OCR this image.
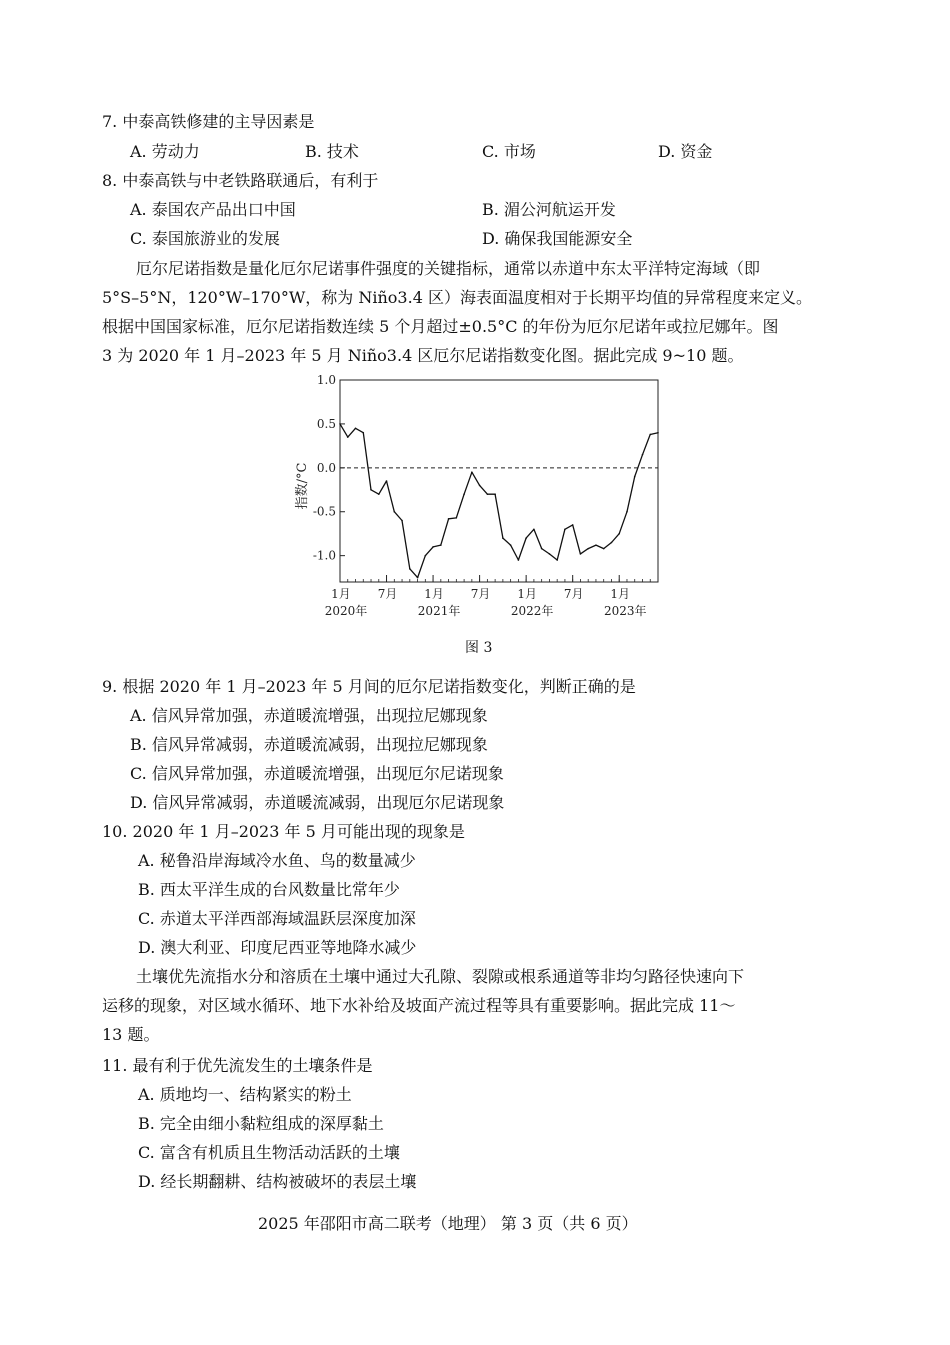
7. 中泰高铁修建的主导因素是
A. 劳动力	B. 技术	C. 市场	D. 资金
8. 中泰高铁与中老铁路联通后，有利于
A. 泰国农产品出口中国	B. 湄公河航运开发
C. 泰国旅游业的发展	D. 确保我国能源安全
厄尔尼诺指数是量化厄尔尼诺事件强度的关键指标，通常以赤道中东太平洋特定海域（即
5°S–5°N，120°W–170°W，称为 Niño3.4 区）海表面温度相对于长期平均值的异常程度来定义。
根据中国国家标准，厄尔尼诺指数连续 5 个月超过±0.5°C 的年份为厄尔尼诺年或拉尼娜年。图
3 为 2020 年 1 月–2023 年 5 月 Niño3.4 区厄尔尼诺指数变化图。据此完成 9~10 题。
1.0
0.5
0.0
-0.5
-1.0
1月
2020年
7月 1月
2021年
7月 1月
2022年
7月 1月
2023年
指数/°C
图 3
9. 根据 2020 年 1 月–2023 年 5 月间的厄尔尼诺指数变化，判断正确的是
A. 信风异常加强，赤道暖流增强，出现拉尼娜现象
B. 信风异常减弱，赤道暖流减弱，出现拉尼娜现象
C. 信风异常加强，赤道暖流增强，出现厄尔尼诺现象
D. 信风异常减弱，赤道暖流减弱，出现厄尔尼诺现象
10. 2020 年 1 月–2023 年 5 月可能出现的现象是
A. 秘鲁沿岸海域冷水鱼、鸟的数量减少
B. 西太平洋生成的台风数量比常年少
C. 赤道太平洋西部海域温跃层深度加深
D. 澳大利亚、印度尼西亚等地降水减少
土壤优先流指水分和溶质在土壤中通过大孔隙、裂隙或根系通道等非均匀路径快速向下
运移的现象，对区域水循环、地下水补给及坡面产流过程等具有重要影响。据此完成 11～
13 题。
11. 最有利于优先流发生的土壤条件是
A. 质地均一、结构紧实的粉土
B. 完全由细小黏粒组成的深厚黏土
C. 富含有机质且生物活动活跃的土壤
D. 经长期翻耕、结构被破坏的表层土壤
2025 年邵阳市高二联考（地理） 第 3 页（共 6 页）
